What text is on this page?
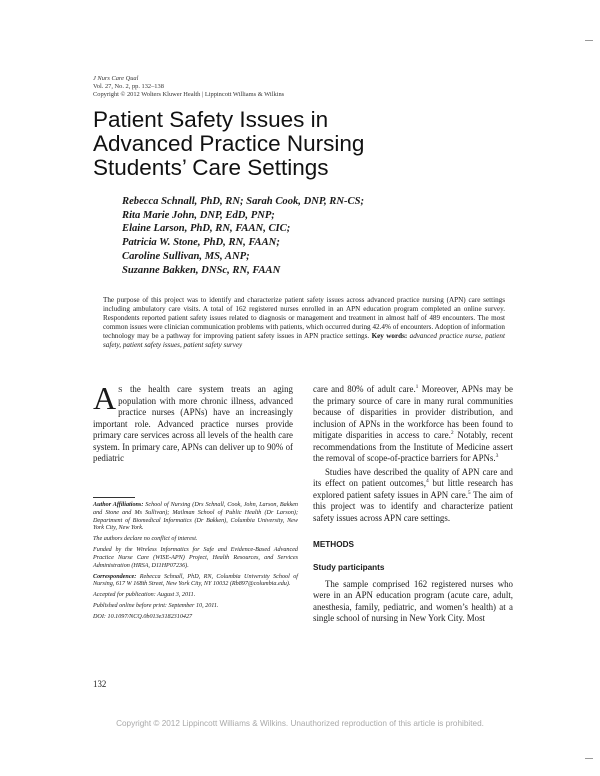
J Nurs Care Qual
Vol. 27, No. 2, pp. 132–138
Copyright © 2012 Wolters Kluwer Health | Lippincott Williams & Wilkins
Patient Safety Issues in
Advanced Practice Nursing
Students’ Care Settings
Rebecca Schnall, PhD, RN; Sarah Cook, DNP, RN-CS;
Rita Marie John, DNP, EdD, PNP;
Elaine Larson, PhD, RN, FAAN, CIC;
Patricia W. Stone, PhD, RN, FAAN;
Caroline Sullivan, MS, ANP;
Suzanne Bakken, DNSc, RN, FAAN
The purpose of this project was to identify and characterize patient safety issues across advanced practice nursing (APN) care settings including ambulatory care visits. A total of 162 registered nurses enrolled in an APN education program completed an online survey. Respondents reported patient safety issues related to diagnosis or management and treatment in almost half of 489 encounters. The most common issues were clinician communication problems with patients, which occurred during 42.4% of encounters. Adoption of information technology may be a pathway for improving patient safety issues in APN practice settings. Key words: advanced practice nurse, patient safety, patient safety issues, patient safety survey
AS the health care system treats an aging population with more chronic illness, advanced practice nurses (APNs) have an increasingly important role. Advanced practice nurses provide primary care services across all levels of the health care system. In primary care, APNs can deliver up to 90% of pediatric

Author Affiliations: School of Nursing (Drs Schnall, Cook, John, Larson, Bakken and Stone and Ms Sullivan); Mailman School of Public Health (Dr Larson); Department of Biomedical Informatics (Dr Bakken), Columbia University, New York City, New York.

The authors declare no conflict of interest.

Funded by the Wireless Informatics for Safe and Evidence-Based Advanced Practice Nurse Care (WISE-APN) Project, Health Resources, and Services Administration (HRSA, D11HP07236).

Correspondence: Rebecca Schnall, PhD, RN, Columbia University School of Nursing, 617 W 168th Street, New York City, NY 10032 (Rb897@columbia.edu).

Accepted for publication: August 3, 2011.

Published online before print: September 10, 2011.

DOI: 10.1097/NCQ.0b013e3182310427

care and 80% of adult care.$^1$ Moreover, APNs may be the primary source of care in many rural communities because of disparities in provider distribution, and inclusion of APNs in the workforce has been found to mitigate disparities in access to care.$^2$ Notably, recent recommendations from the Institute of Medicine assert the removal of scope-of-practice barriers for APNs.$^3$
Studies have described the quality of APN care and its effect on patient outcomes,$^4$ but little research has explored patient safety issues in APN care.$^5$ The aim of this project was to identify and characterize patient safety issues across APN care settings.
METHODS
Study participants
The sample comprised 162 registered nurses who were in an APN education program (acute care, adult, anesthesia, family, pediatric, and women’s health) at a single school of nursing in New York City. Most
132
Copyright © 2012 Lippincott Williams & Wilkins. Unauthorized reproduction of this article is prohibited.
